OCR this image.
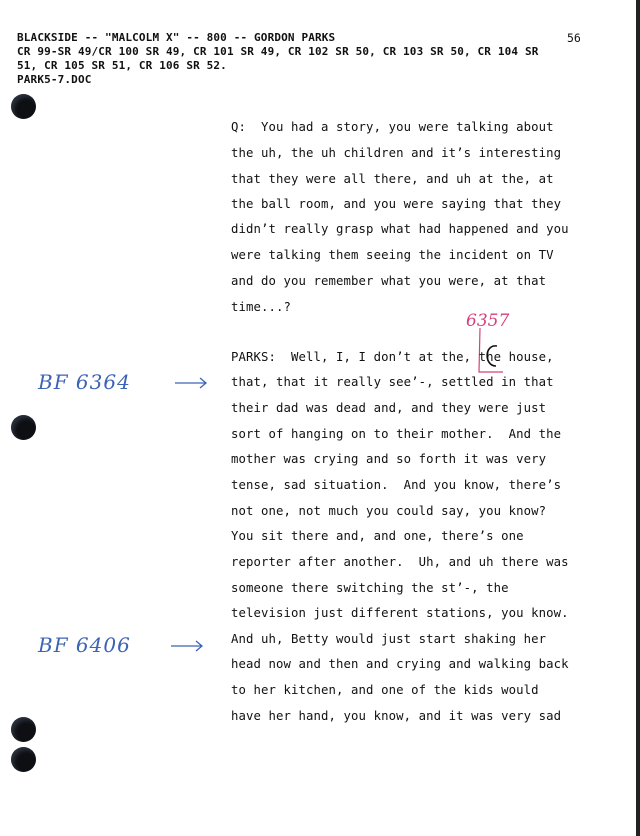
BLACKSIDE -- "MALCOLM X" -- 800 -- GORDON PARKS	56
CR 99-SR 49/CR 100 SR 49, CR 101 SR 49, CR 102 SR 50, CR 103 SR 50, CR 104 SR
51, CR 105 SR 51, CR 106 SR 52.
PARK5-7.DOC
Q:  You had a story, you were talking about
the uh, the uh children and it’s interesting
that they were all there, and uh at the, at
the ball room, and you were saying that they
didn’t really grasp what had happened and you
were talking them seeing the incident on TV
and do you remember what you were, at that
time...?
6357
BF 6364
BF 6406
PARKS:  Well, I, I don’t at the, the house,
that, that it really see’-, settled in that
their dad was dead and, and they were just
sort of hanging on to their mother.  And the
mother was crying and so forth it was very
tense, sad situation.  And you know, there’s
not one, not much you could say, you know?
You sit there and, and one, there’s one
reporter after another.  Uh, and uh there was
someone there switching the st’-, the
television just different stations, you know.
And uh, Betty would just start shaking her
head now and then and crying and walking back
to her kitchen, and one of the kids would
have her hand, you know, and it was very sad
